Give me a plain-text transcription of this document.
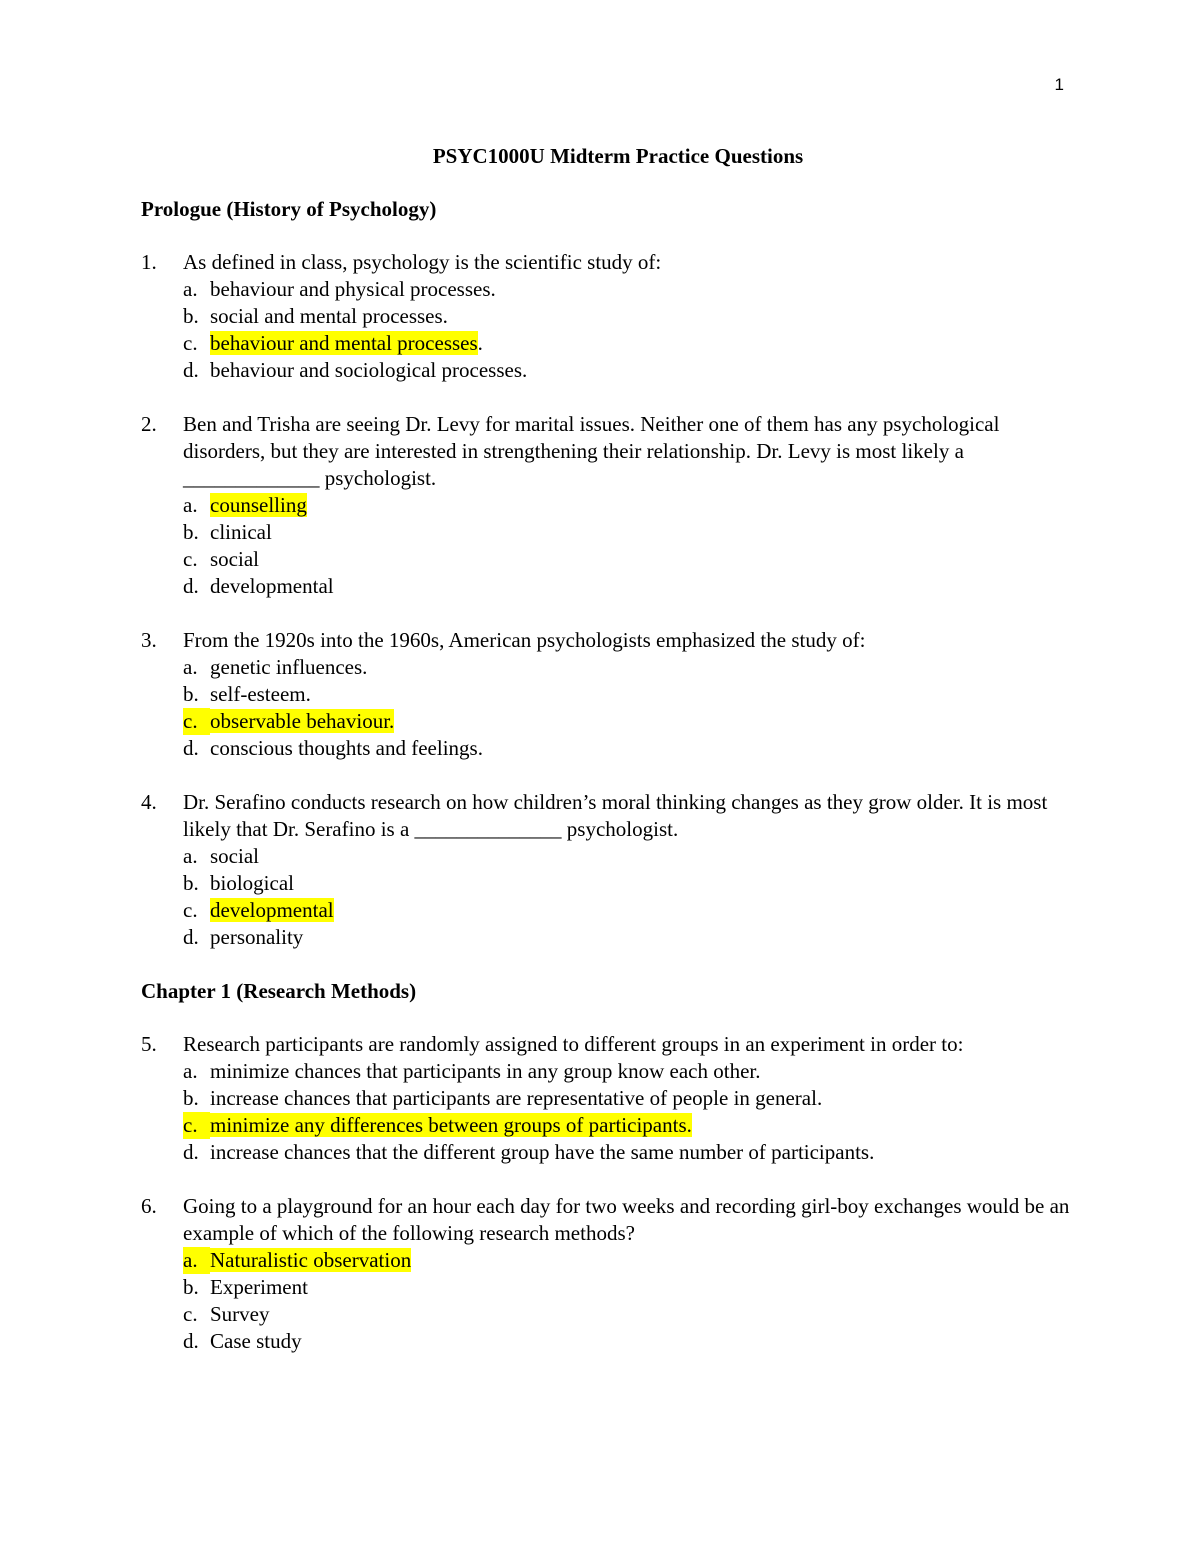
1
PSYC1000U Midterm Practice Questions
Prologue (History of Psychology)
1.	As defined in class, psychology is the scientific study of:
a. behaviour and physical processes.
b. social and mental processes.
c. behaviour and mental processes.
d. behaviour and sociological processes.
2.	Ben and Trisha are seeing Dr. Levy for marital issues. Neither one of them has any psychological disorders, but they are interested in strengthening their relationship. Dr. Levy is most likely a _____________ psychologist.
a. counselling
b. clinical
c. social
d. developmental
3.	From the 1920s into the 1960s, American psychologists emphasized the study of:
a. genetic influences.
b. self-esteem.
c. observable behaviour.
d. conscious thoughts and feelings.
4.	Dr. Serafino conducts research on how children’s moral thinking changes as they grow older. It is most likely that Dr. Serafino is a ______________ psychologist.
a. social
b. biological
c. developmental
d. personality
Chapter 1 (Research Methods)
5.	Research participants are randomly assigned to different groups in an experiment in order to:
a. minimize chances that participants in any group know each other.
b. increase chances that participants are representative of people in general.
c. minimize any differences between groups of participants.
d. increase chances that the different group have the same number of participants.
6.	Going to a playground for an hour each day for two weeks and recording girl-boy exchanges would be an example of which of the following research methods?
a. Naturalistic observation
b. Experiment
c. Survey
d. Case study
